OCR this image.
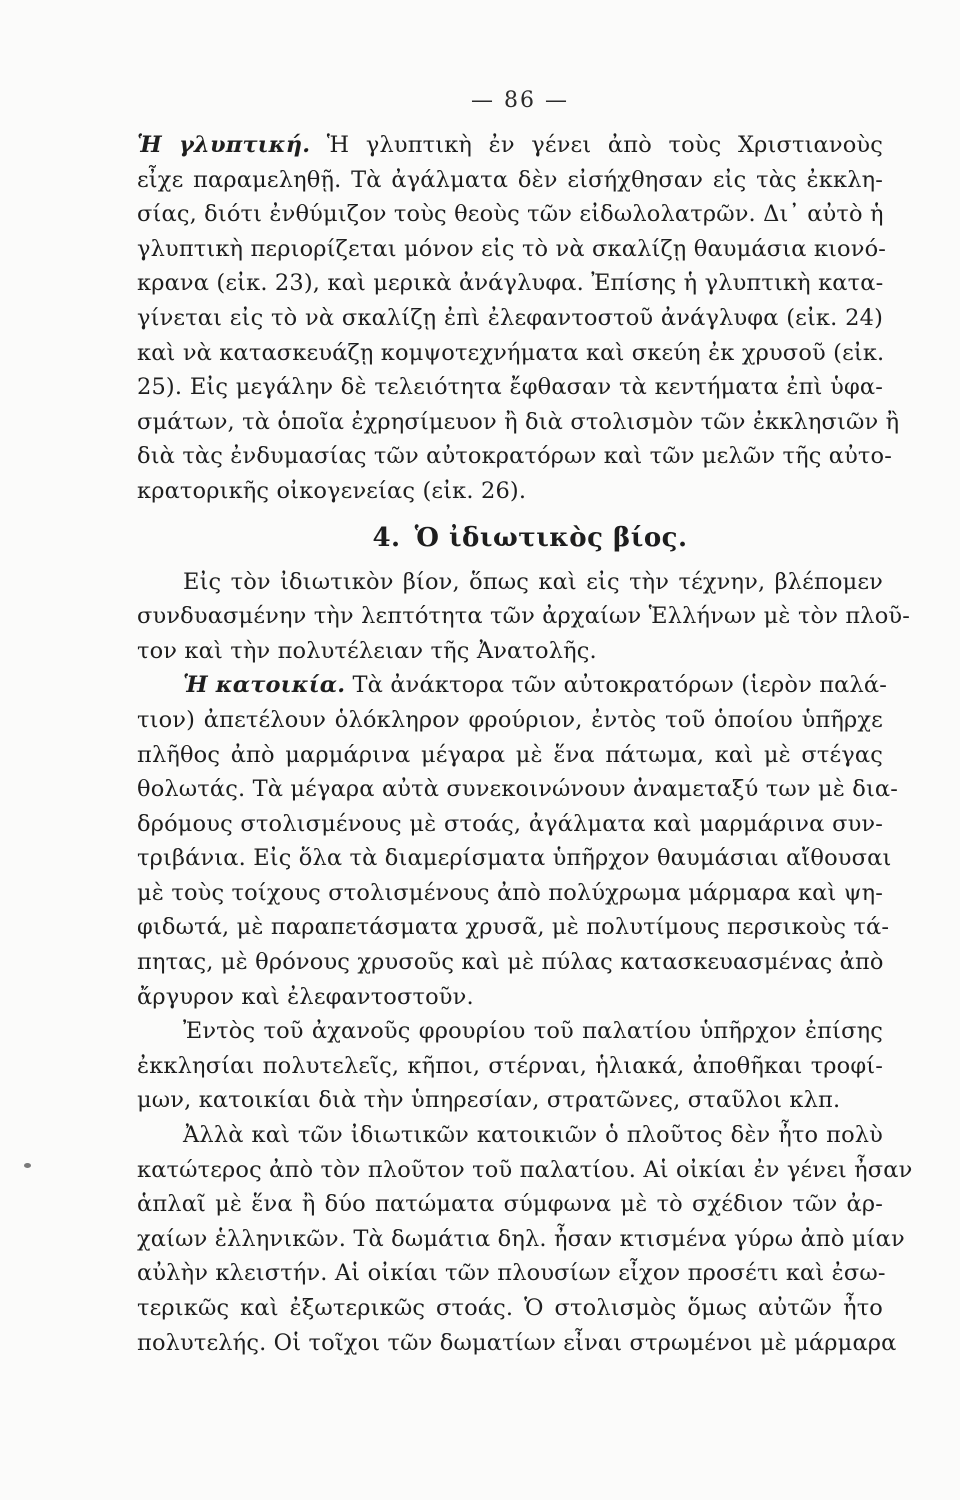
— 86 —
Ἡ γλυπτική. Ἡ γλυπτικὴ ἐν γένει ἀπὸ τοὺς Χριστιανοὺς
εἶχε παραμεληθῇ. Τὰ ἀγάλματα δὲν εἰσήχθησαν εἰς τὰς ἐκκλη-
σίας, διότι ἐνθύμιζον τοὺς θεοὺς τῶν εἰδωλολατρῶν. Δι᾿ αὐτὸ ἡ
γλυπτικὴ περιορίζεται μόνον εἰς τὸ νὰ σκαλίζῃ θαυμάσια κιονό-
κρανα (εἰκ. 23), καὶ μερικὰ ἀνάγλυφα. Ἐπίσης ἡ γλυπτικὴ κατα-
γίνεται εἰς τὸ νὰ σκαλίζῃ ἐπὶ ἐλεφαντοστοῦ ἀνάγλυφα (εἰκ. 24)
καὶ νὰ κατασκευάζῃ κομψοτεχνήματα καὶ σκεύη ἐκ χρυσοῦ (εἰκ.
25). Εἰς μεγάλην δὲ τελειότητα ἔφθασαν τὰ κεντήματα ἐπὶ ὑφα-
σμάτων, τὰ ὁποῖα ἐχρησίμευον ἢ διὰ στολισμὸν τῶν ἐκκλησιῶν ἢ
διὰ τὰς ἐνδυμασίας τῶν αὐτοκρατόρων καὶ τῶν μελῶν τῆς αὐτο-
κρατορικῆς οἰκογενείας (εἰκ. 26).
4. Ὁ ἰδιωτικὸς βίος.
Εἰς τὸν ἰδιωτικὸν βίον, ὅπως καὶ εἰς τὴν τέχνην, βλέπομεν
συνδυασμένην τὴν λεπτότητα τῶν ἀρχαίων Ἑλλήνων μὲ τὸν πλοῦ-
τον καὶ τὴν πολυτέλειαν τῆς Ἀνατολῆς.
Ἡ κατοικία. Τὰ ἀνάκτορα τῶν αὐτοκρατόρων (ἱερὸν παλά-
τιον) ἀπετέλουν ὁλόκληρον φρούριον, ἐντὸς τοῦ ὁποίου ὑπῆρχε
πλῆθος ἀπὸ μαρμάρινα μέγαρα μὲ ἕνα πάτωμα, καὶ μὲ στέγας
θολωτάς. Τὰ μέγαρα αὐτὰ συνεκοινώνουν ἀναμεταξύ των μὲ δια-
δρόμους στολισμένους μὲ στοάς, ἀγάλματα καὶ μαρμάρινα συν-
τριβάνια. Εἰς ὅλα τὰ διαμερίσματα ὑπῆρχον θαυμάσιαι αἴθουσαι
μὲ τοὺς τοίχους στολισμένους ἀπὸ πολύχρωμα μάρμαρα καὶ ψη-
φιδωτά, μὲ παραπετάσματα χρυσᾶ, μὲ πολυτίμους περσικοὺς τά-
πητας, μὲ θρόνους χρυσοῦς καὶ μὲ πύλας κατασκευασμένας ἀπὸ
ἄργυρον καὶ ἐλεφαντοστοῦν.
Ἐντὸς τοῦ ἀχανοῦς φρουρίου τοῦ παλατίου ὑπῆρχον ἐπίσης
ἐκκλησίαι πολυτελεῖς, κῆποι, στέρναι, ἡλιακά, ἀποθῆκαι τροφί-
μων, κατοικίαι διὰ τὴν ὑπηρεσίαν, στρατῶνες, σταῦλοι κλπ.
Ἀλλὰ καὶ τῶν ἰδιωτικῶν κατοικιῶν ὁ πλοῦτος δὲν ἦτο πολὺ
κατώτερος ἀπὸ τὸν πλοῦτον τοῦ παλατίου. Αἱ οἰκίαι ἐν γένει ἦσαν
ἁπλαῖ μὲ ἕνα ἢ δύο πατώματα σύμφωνα μὲ τὸ σχέδιον τῶν ἀρ-
χαίων ἑλληνικῶν. Τὰ δωμάτια δηλ. ἦσαν κτισμένα γύρω ἀπὸ μίαν
αὐλὴν κλειστήν. Αἱ οἰκίαι τῶν πλουσίων εἶχον προσέτι καὶ ἐσω-
τερικῶς καὶ ἐξωτερικῶς στοάς. Ὁ στολισμὸς ὅμως αὐτῶν ἦτο
πολυτελής. Οἱ τοῖχοι τῶν δωματίων εἶναι στρωμένοι μὲ μάρμαρα
